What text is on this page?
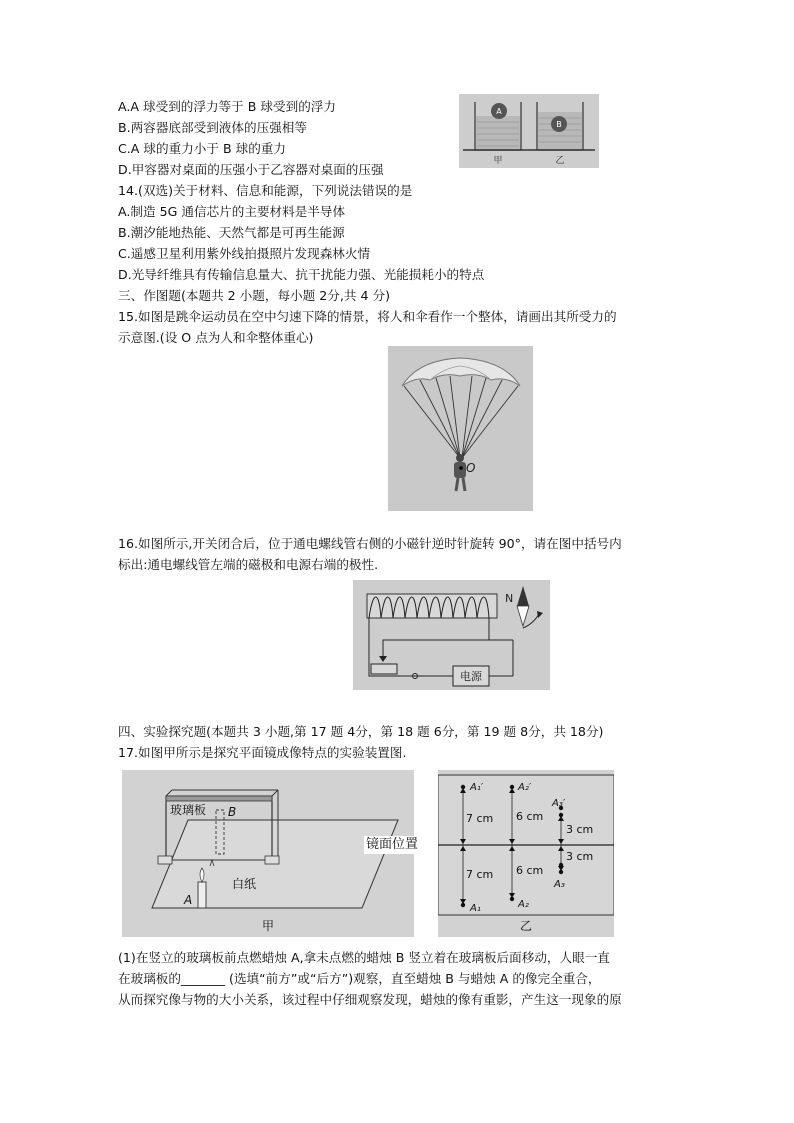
A.A 球受到的浮力等于 B 球受到的浮力
B.两容器底部受到液体的压强相等
C.A 球的重力小于 B 球的重力
D.甲容器对桌面的压强小于乙容器对桌面的压强
A
B
甲	乙
14.(双选)关于材料、信息和能源，下列说法错误的是
A.制造 5G 通信芯片的主要材料是半导体
B.潮汐能地热能、天然气都是可再生能源
C.遥感卫星利用紫外线拍摄照片发现森林火情
D.光导纤维具有传输信息量大、抗干扰能力强、光能损耗小的特点
三、作图题(本题共 2 小题，每小题 2分,共 4 分)
15.如图是跳伞运动员在空中匀速下降的情景，将人和伞看作一个整体，请画出其所受力的
示意图.(设 O 点为人和伞整体重心)
O
16.如图所示,开关闭合后，位于通电螺线管右侧的小磁针逆时针旋转 90°，请在图中括号内
标出:通电螺线管左端的磁极和电源右端的极性.
电源
N
四、实验探究题(本题共 3 小题,第 17 题 4分，第 18 题 6分，第 19 题 8分，共 18分)
17.如图甲所示是探究平面镜成像特点的实验装置图.
玻璃板 B
A
白纸
甲
A₁′	A₂′
A₃′
A₁	A₂
A₃
7 cm
7 cm
6 cm
6 cm
3 cm
3 cm
乙
镜面位置
(1)在竖立的玻璃板前点燃蜡烛 A,拿未点燃的蜡烛 B 竖立着在玻璃板后面移动，人眼一直
在玻璃板的_______ (选填“前方”或“后方”)观察，直至蜡烛 B 与蜡烛 A 的像完全重合，
从而探究像与物的大小关系，该过程中仔细观察发现，蜡烛的像有重影，产生这一现象的原
